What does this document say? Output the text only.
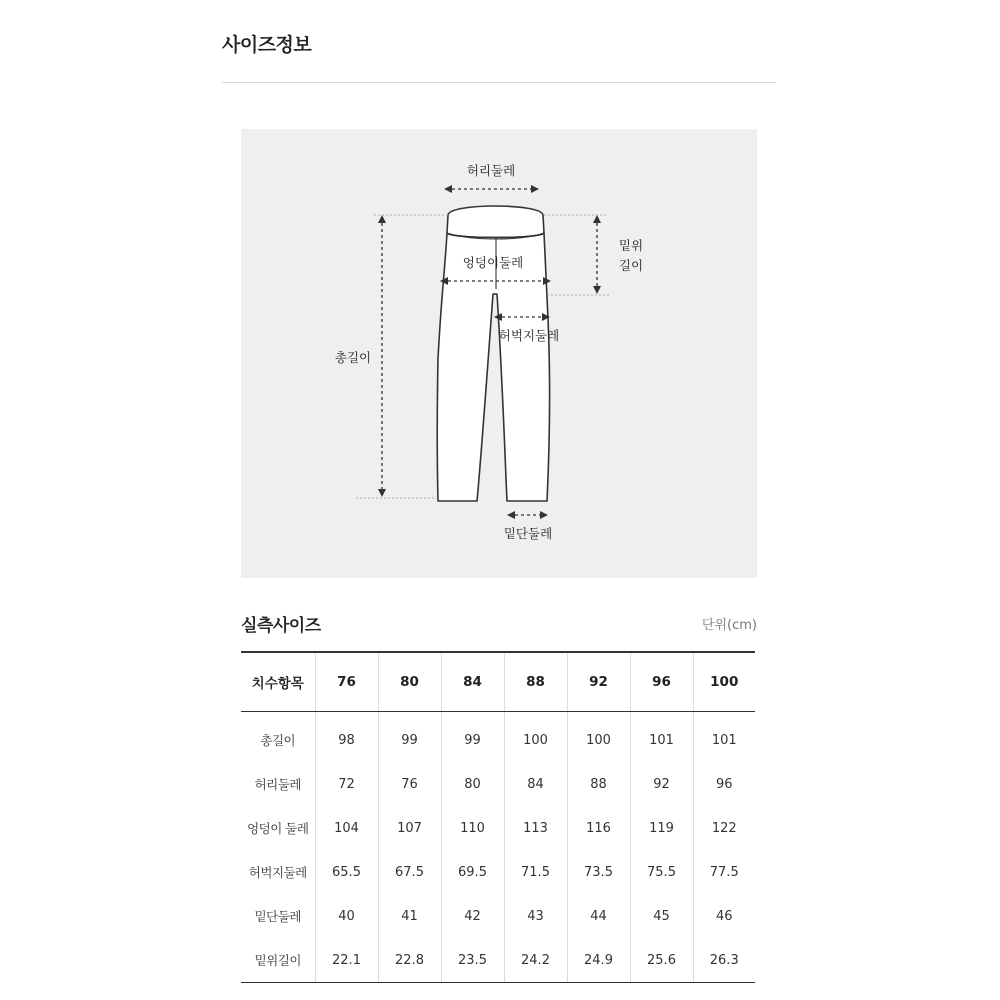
사이즈정보
허리둘레
엉덩이둘레
허벅지둘레
밑위
길이
총길이
밑단둘레
실측사이즈	단위(cm)
치수항목	76	80	84	88	92	96	100
총길이	98	99	99	100	100	101	101
허리둘레	72	76	80	84	88	92	96
엉덩이 둘레	104	107	110	113	116	119	122
허벅지둘레	65.5	67.5	69.5	71.5	73.5	75.5	77.5
밑단둘레	40	41	42	43	44	45	46
밑위길이	22.1	22.8	23.5	24.2	24.9	25.6	26.3
